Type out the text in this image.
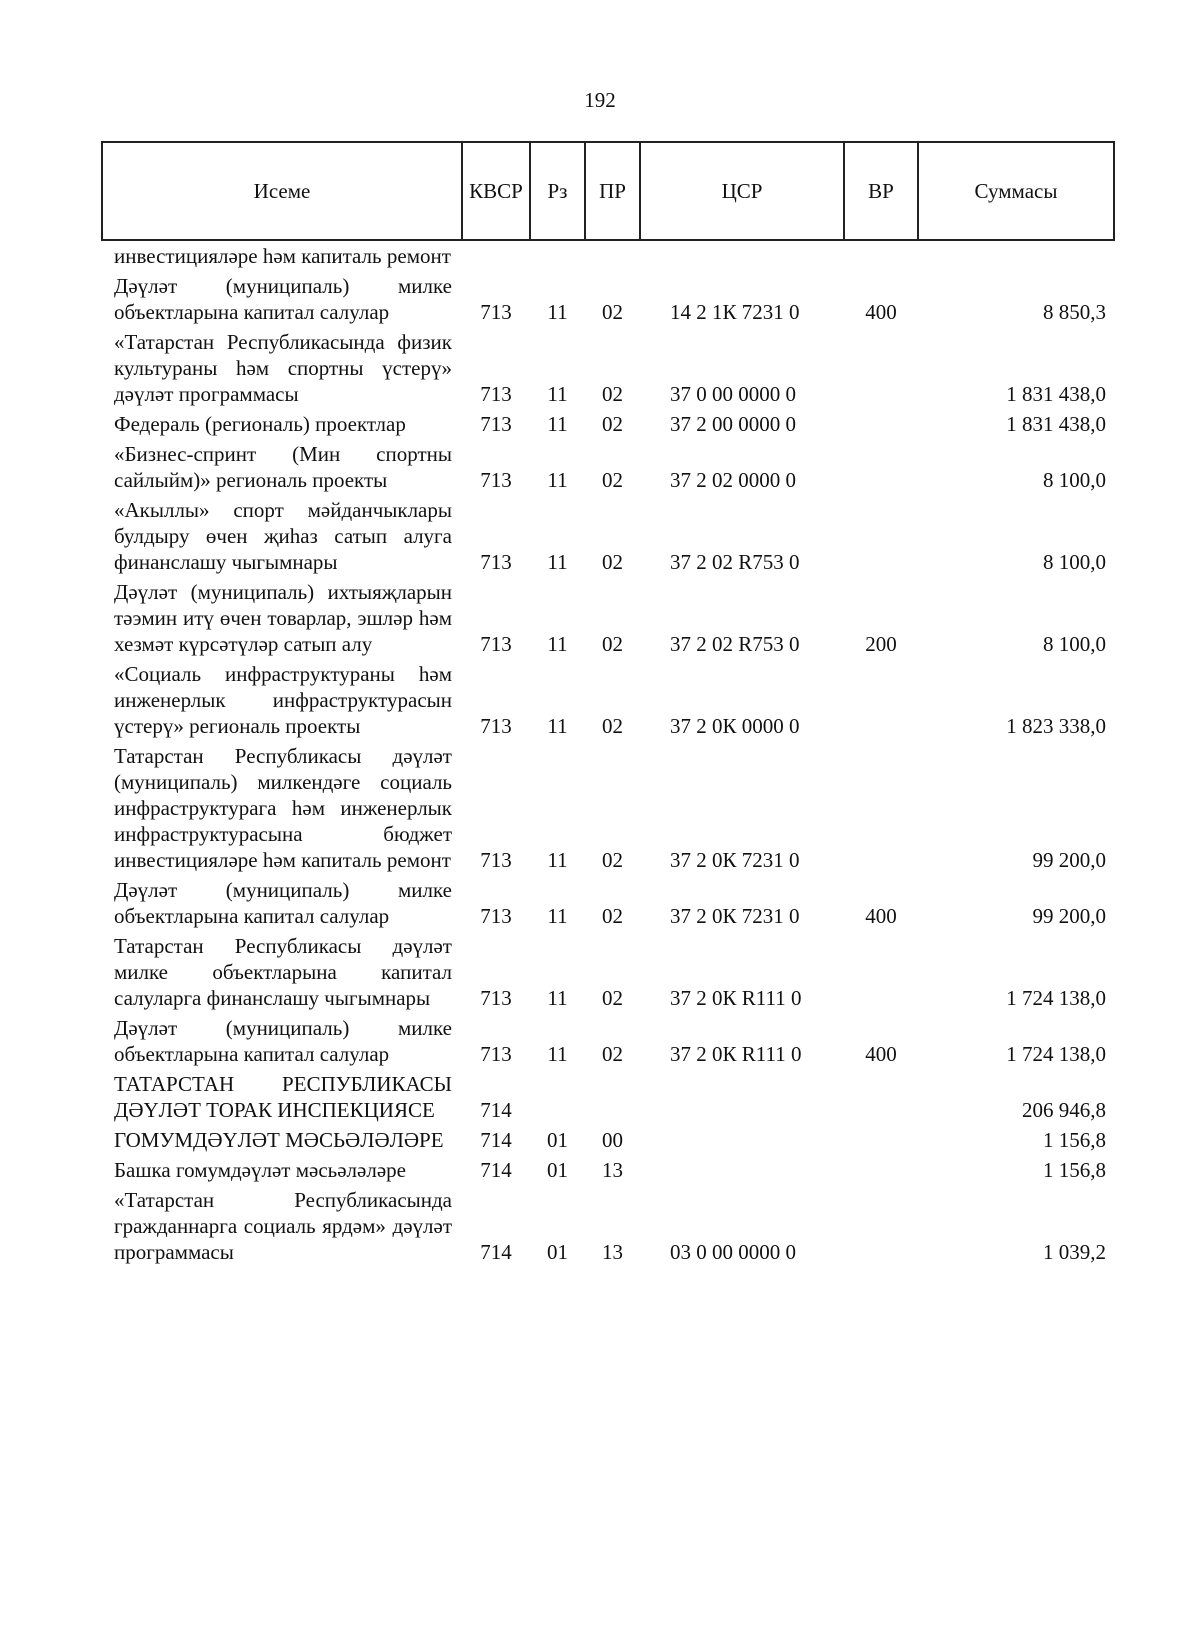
192
Исеме	КВСР	Рз	ПР	ЦСР	ВР	Суммасы
инвестицияләре һәм капиталь ремонт						
Дәүләт (муниципаль) милке объектларына капитал салулар	713	11	02	14 2 1К 7231 0	400	8 850,3
«Татарстан Республикасында физик культураны һәм спортны үстерү» дәүләт программасы	713	11	02	37 0 00 0000 0		1 831 438,0
Федераль (региональ) проектлар	713	11	02	37 2 00 0000 0		1 831 438,0
«Бизнес-спринт (Мин спортны сайлыйм)» региональ проекты	713	11	02	37 2 02 0000 0		8 100,0
«Акыллы» спорт мәйданчыклары булдыру өчен җиһаз сатып алуга финанслашу чыгымнары	713	11	02	37 2 02 R753 0		8 100,0
Дәүләт (муниципаль) ихтыяҗларын тәэмин итү өчен товарлар, эшләр һәм хезмәт күрсәтүләр сатып алу	713	11	02	37 2 02 R753 0	200	8 100,0
«Социаль инфраструктураны һәм инженерлык инфраструктурасын үстерү» региональ проекты	713	11	02	37 2 0К 0000 0		1 823 338,0
Татарстан Республикасы дәүләт (муниципаль) милкендәге социаль инфраструктурага һәм инженерлык инфраструктурасына бюджет инвестицияләре һәм капиталь ремонт	713	11	02	37 2 0К 7231 0		99 200,0
Дәүләт (муниципаль) милке объектларына капитал салулар	713	11	02	37 2 0К 7231 0	400	99 200,0
Татарстан Республикасы дәүләт милке объектларына капитал салуларга финанслашу чыгымнары	713	11	02	37 2 0К R111 0		1 724 138,0
Дәүләт (муниципаль) милке объектларына капитал салулар	713	11	02	37 2 0К R111 0	400	1 724 138,0
ТАТАРСТАН РЕСПУБЛИКАСЫ ДӘҮЛӘТ ТОРАК ИНСПЕКЦИЯСЕ	714					206 946,8
ГОМУМДӘҮЛӘТ МӘСЬӘЛӘЛӘРЕ	714	01	00			1 156,8
Башка гомумдәүләт мәсьәләләре	714	01	13			1 156,8
«Татарстан Республикасында гражданнарга социаль ярдәм» дәүләт программасы	714	01	13	03 0 00 0000 0		1 039,2
